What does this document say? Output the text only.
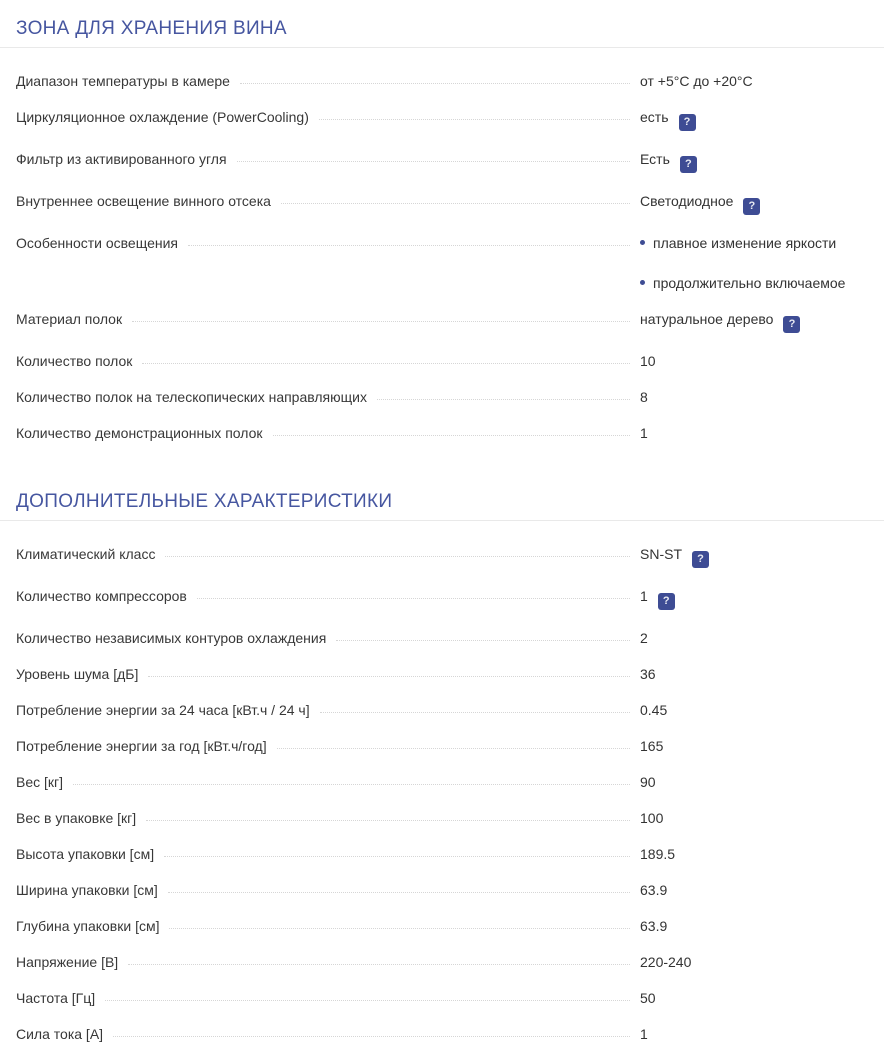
ЗОНА ДЛЯ ХРАНЕНИЯ ВИНА
Диапазон температуры в камере	от +5°C до +20°C
Циркуляционное охлаждение (PowerCooling)	есть ?
Фильтр из активированного угля	Есть ?
Внутреннее освещение винного отсека	Светодиодное ?
Особенности освещения	плавное изменение яркости
продолжительно включаемое
Материал полок	натуральное дерево ?
Количество полок	10
Количество полок на телескопических направляющих	8
Количество демонстрационных полок	1
ДОПОЛНИТЕЛЬНЫЕ ХАРАКТЕРИСТИКИ
Климатический класс	SN-ST ?
Количество компрессоров	1 ?
Количество независимых контуров охлаждения	2
Уровень шума [дБ]	36
Потребление энергии за 24 часа [кВт.ч / 24 ч]	0.45
Потребление энергии за год [кВт.ч/год]	165
Вес [кг]	90
Вес в упаковке [кг]	100
Высота упаковки [см]	189.5
Ширина упаковки [см]	63.9
Глубина упаковки [см]	63.9
Напряжение [В]	220-240
Частота [Гц]	50
Сила тока [А]	1
